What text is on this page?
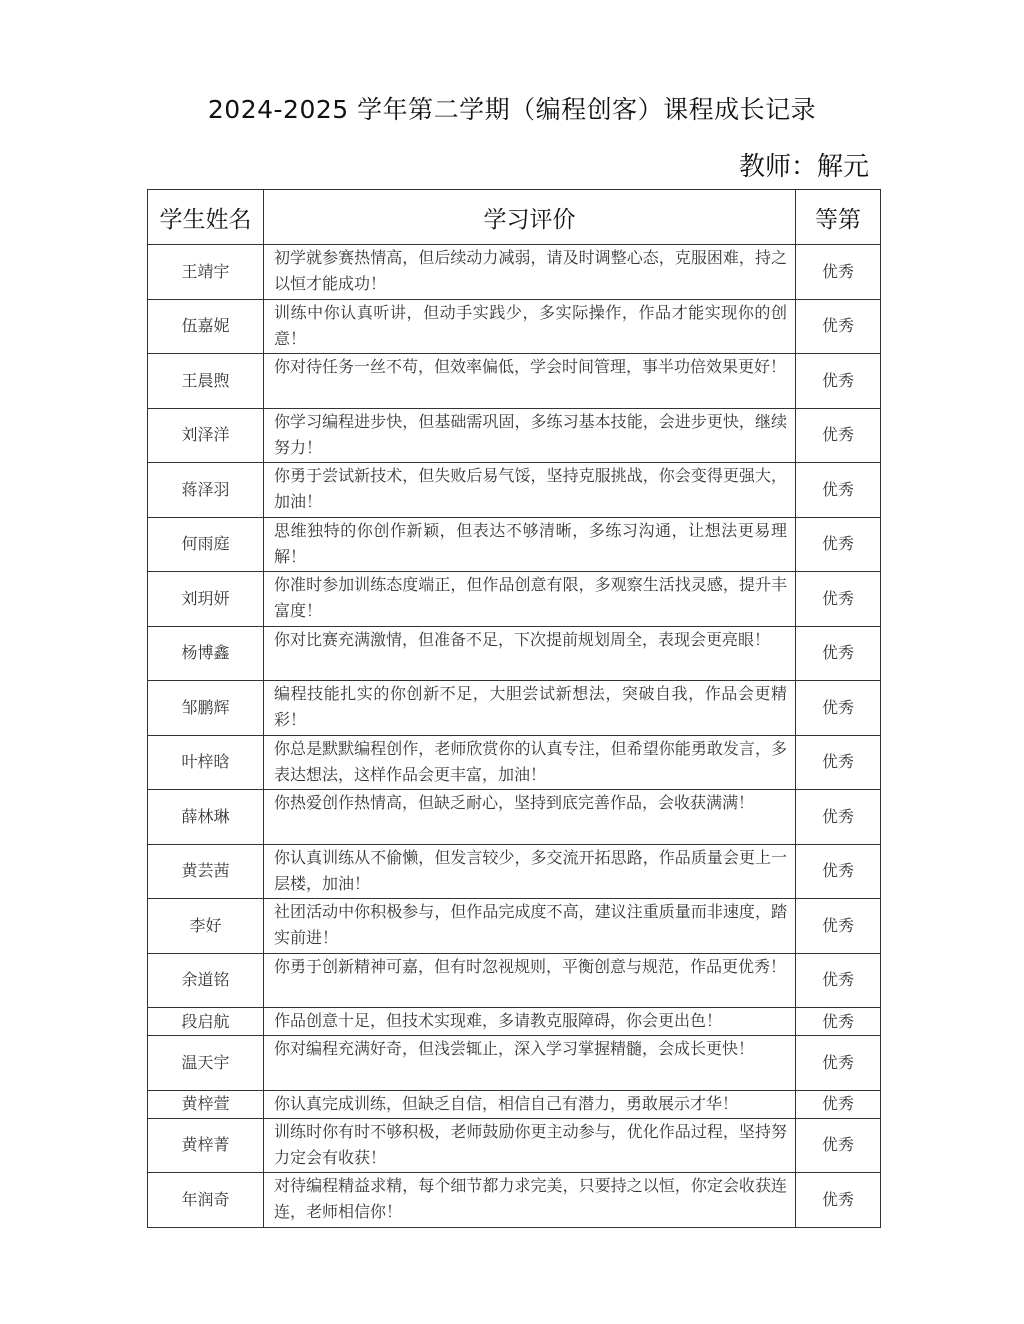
2024-2025 学年第二学期（编程创客）课程成长记录
教师：解元
学生姓名	学习评价	等第
王靖宇	初学就参赛热情高，但后续动力减弱，请及时调整心态，克服困难，持之以恒才能成功！	优秀
伍嘉妮	训练中你认真听讲，但动手实践少，多实际操作，作品才能实现你的创意！	优秀
王晨煦	你对待任务一丝不苟，但效率偏低，学会时间管理，事半功倍效果更好！	优秀
刘泽洋	你学习编程进步快，但基础需巩固，多练习基本技能，会进步更快，继续努力！	优秀
蒋泽羽	你勇于尝试新技术，但失败后易气馁，坚持克服挑战，你会变得更强大，加油！	优秀
何雨庭	思维独特的你创作新颖，但表达不够清晰，多练习沟通，让想法更易理解！	优秀
刘玥妍	你准时参加训练态度端正，但作品创意有限，多观察生活找灵感，提升丰富度！	优秀
杨博鑫	你对比赛充满激情，但准备不足，下次提前规划周全，表现会更亮眼！	优秀
邹鹏辉	编程技能扎实的你创新不足，大胆尝试新想法，突破自我，作品会更精彩！	优秀
叶梓晗	你总是默默编程创作，老师欣赏你的认真专注，但希望你能勇敢发言，多表达想法，这样作品会更丰富，加油！	优秀
薛林琳	你热爱创作热情高，但缺乏耐心，坚持到底完善作品，会收获满满！	优秀
黄芸茜	你认真训练从不偷懒，但发言较少，多交流开拓思路，作品质量会更上一层楼，加油！	优秀
李好	社团活动中你积极参与，但作品完成度不高，建议注重质量而非速度，踏实前进！	优秀
余道铭	你勇于创新精神可嘉，但有时忽视规则，平衡创意与规范，作品更优秀！	优秀
段启航	作品创意十足，但技术实现难，多请教克服障碍，你会更出色！	优秀
温天宇	你对编程充满好奇，但浅尝辄止，深入学习掌握精髓，会成长更快！	优秀
黄梓萱	你认真完成训练，但缺乏自信，相信自己有潜力，勇敢展示才华！	优秀
黄梓菁	训练时你有时不够积极，老师鼓励你更主动参与，优化作品过程，坚持努力定会有收获！	优秀
年润奇	对待编程精益求精，每个细节都力求完美，只要持之以恒，你定会收获连连，老师相信你！	优秀
